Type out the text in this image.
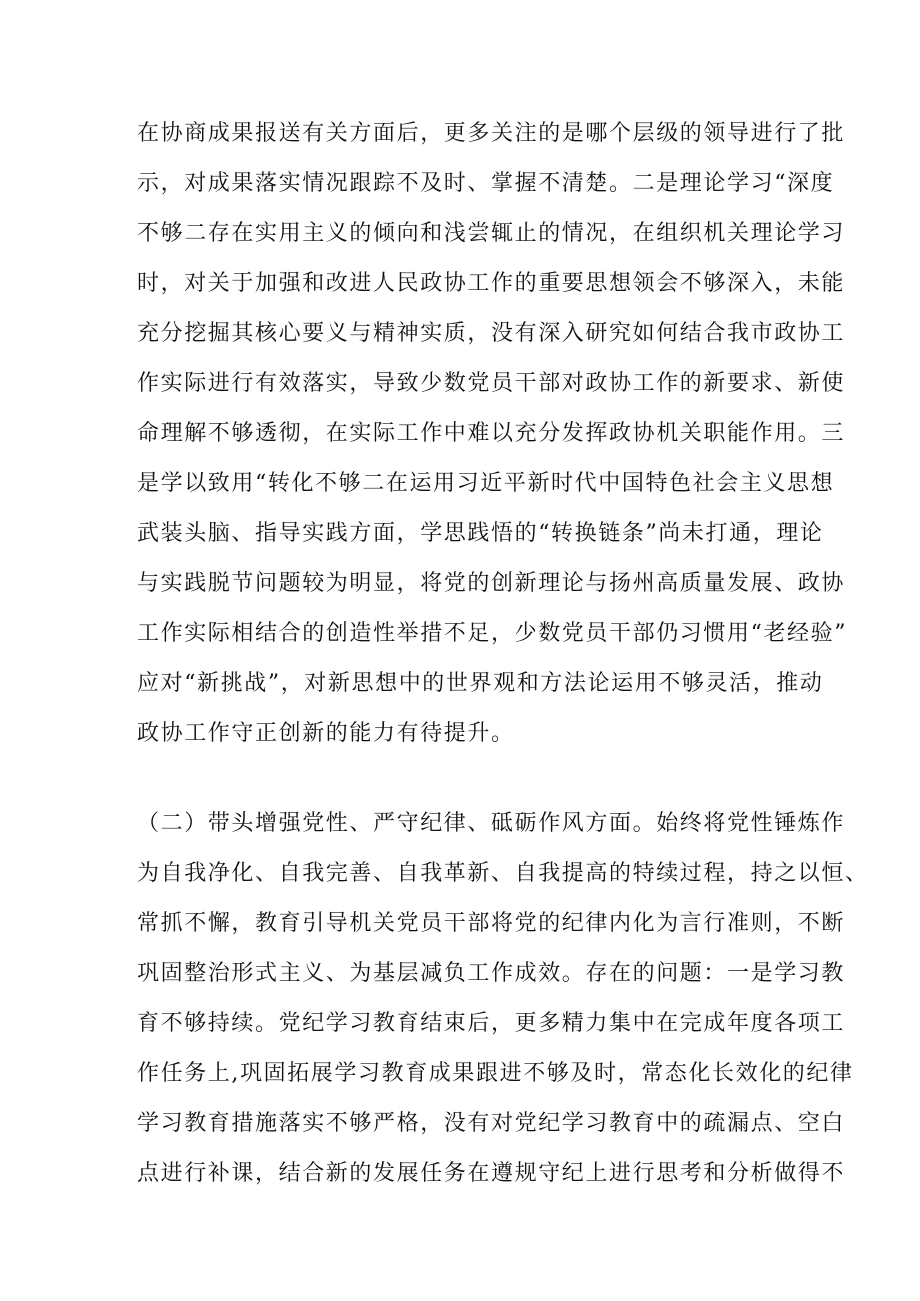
在协商成果报送有关方面后，更多关注的是哪个层级的领导进行了批
示，对成果落实情况跟踪不及时、掌握不清楚。二是理论学习“深度
不够二存在实用主义的倾向和浅尝辄止的情况，在组织机关理论学习
时，对关于加强和改进人民政协工作的重要思想领会不够深入，未能
充分挖掘其核心要义与精神实质，没有深入研究如何结合我市政协工
作实际进行有效落实，导致少数党员干部对政协工作的新要求、新使
命理解不够透彻，在实际工作中难以充分发挥政协机关职能作用。三
是学以致用“转化不够二在运用习近平新时代中国特色社会主义思想
武装头脑、指导实践方面，学思践悟的“转换链条”尚未打通，理论
与实践脱节问题较为明显，将党的创新理论与扬州高质量发展、政协
工作实际相结合的创造性举措不足，少数党员干部仍习惯用“老经验”
应对“新挑战”，对新思想中的世界观和方法论运用不够灵活，推动
政协工作守正创新的能力有待提升。
（二）带头增强党性、严守纪律、砥砺作风方面。始终将党性锤炼作
为自我净化、自我完善、自我革新、自我提高的特续过程，持之以恒、
常抓不懈，教育引导机关党员干部将党的纪律内化为言行准则，不断
巩固整治形式主义、为基层减负工作成效。存在的问题：一是学习教
育不够持续。党纪学习教育结束后，更多精力集中在完成年度各项工
作任务上,巩固拓展学习教育成果跟进不够及时，常态化长效化的纪律
学习教育措施落实不够严格，没有对党纪学习教育中的疏漏点、空白
点进行补课，结合新的发展任务在遵规守纪上进行思考和分析做得不
